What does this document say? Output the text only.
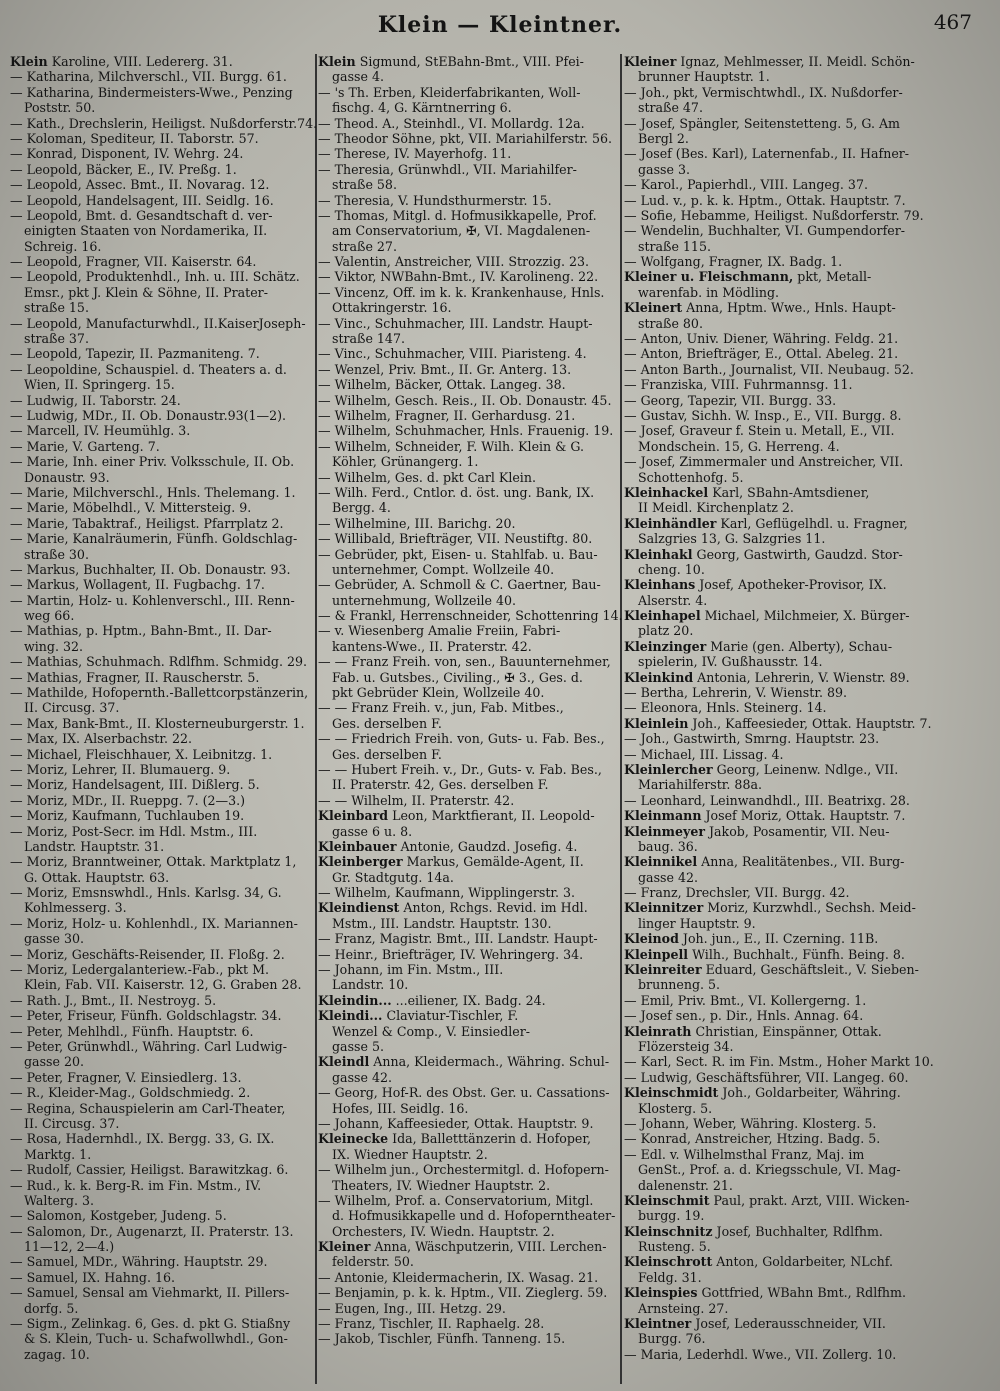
Klein — Kleintner.	467
Klein Karoline, VIII. Ledererg. 31.
— Katharina, Milchverschl., VII. Burgg. 61.
— Katharina, Bindermeisters-Wwe., Penzing
Poststr. 50.
— Kath., Drechslerin, Heiligst. Nußdorferstr.74.
— Koloman, Spediteur, II. Taborstr. 57.
— Konrad, Disponent, IV. Wehrg. 24.
— Leopold, Bäcker, E., IV. Preßg. 1.
— Leopold, Assec. Bmt., II. Novarag. 12.
— Leopold, Handelsagent, III. Seidlg. 16.
— Leopold, Bmt. d. Gesandtschaft d. ver-
einigten Staaten von Nordamerika, II.
Schreig. 16.
— Leopold, Fragner, VII. Kaiserstr. 64.
— Leopold, Produktenhdl., Inh. u. III. Schätz.
Emsr., pkt J. Klein & Söhne, II. Prater-
straße 15.
— Leopold, Manufacturwhdl., II.KaiserJoseph-
straße 37.
— Leopold, Tapezir, II. Pazmaniteng. 7.
— Leopoldine, Schauspiel. d. Theaters a. d.
Wien, II. Springerg. 15.
— Ludwig, II. Taborstr. 24.
— Ludwig, MDr., II. Ob. Donaustr.93(1—2).
— Marcell, IV. Heumühlg. 3.
— Marie, V. Garteng. 7.
— Marie, Inh. einer Priv. Volksschule, II. Ob.
Donaustr. 93.
— Marie, Milchverschl., Hnls. Thelemang. 1.
— Marie, Möbelhdl., V. Mittersteig. 9.
— Marie, Tabaktraf., Heiligst. Pfarrplatz 2.
— Marie, Kanalräumerin, Fünfh. Goldschlag-
straße 30.
— Markus, Buchhalter, II. Ob. Donaustr. 93.
— Markus, Wollagent, II. Fugbachg. 17.
— Martin, Holz- u. Kohlenverschl., III. Renn-
weg 66.
— Mathias, p. Hptm., Bahn-Bmt., II. Dar-
wing. 32.
— Mathias, Schuhmach. Rdlfhm. Schmidg. 29.
— Mathias, Fragner, II. Rauscherstr. 5.
— Mathilde, Hofopernth.-Ballettcorpstänzerin,
II. Circusg. 37.
— Max, Bank-Bmt., II. Klosterneuburgerstr. 1.
— Max, IX. Alserbachstr. 22.
— Michael, Fleischhauer, X. Leibnitzg. 1.
— Moriz, Lehrer, II. Blumauerg. 9.
— Moriz, Handelsagent, III. Dißlerg. 5.
— Moriz, MDr., II. Rueppg. 7. (2—3.)
— Moriz, Kaufmann, Tuchlauben 19.
— Moriz, Post-Secr. im Hdl. Mstm., III.
Landstr. Hauptstr. 31.
— Moriz, Branntweiner, Ottak. Marktplatz 1,
G. Ottak. Hauptstr. 63.
— Moriz, Emsnswhdl., Hnls. Karlsg. 34, G.
Kohlmesserg. 3.
— Moriz, Holz- u. Kohlenhdl., IX. Mariannen-
gasse 30.
— Moriz, Geschäfts-Reisender, II. Floßg. 2.
— Moriz, Ledergalanteriew.-Fab., pkt M.
Klein, Fab. VII. Kaiserstr. 12, G. Graben 28.
— Rath. J., Bmt., II. Nestroyg. 5.
— Peter, Friseur, Fünfh. Goldschlagstr. 34.
— Peter, Mehlhdl., Fünfh. Hauptstr. 6.
— Peter, Grünwhdl., Währing. Carl Ludwig-
gasse 20.
— Peter, Fragner, V. Einsiedlerg. 13.
— R., Kleider-Mag., Goldschmiedg. 2.
— Regina, Schauspielerin am Carl-Theater,
II. Circusg. 37.
— Rosa, Hadernhdl., IX. Bergg. 33, G. IX.
Marktg. 1.
— Rudolf, Cassier, Heiligst. Barawitzkag. 6.
— Rud., k. k. Berg-R. im Fin. Mstm., IV.
Walterg. 3.
— Salomon, Kostgeber, Judeng. 5.
— Salomon, Dr., Augenarzt, II. Praterstr. 13.
11—12, 2—4.)
— Samuel, MDr., Währing. Hauptstr. 29.
— Samuel, IX. Hahng. 16.
— Samuel, Sensal am Viehmarkt, II. Pillers-
dorfg. 5.
— Sigm., Zelinkag. 6, Ges. d. pkt G. Stiaßny
& S. Klein, Tuch- u. Schafwollwhdl., Gon-
zagag. 10.
Klein Sigmund, StEBahn-Bmt., VIII. Pfei-
gasse 4.
— 's Th. Erben, Kleiderfabrikanten, Woll-
fischg. 4, G. Kärntnerring 6.
— Theod. A., Steinhdl., VI. Mollardg. 12a.
— Theodor Söhne, pkt, VII. Mariahilferstr. 56.
— Therese, IV. Mayerhofg. 11.
— Theresia, Grünwhdl., VII. Mariahilfer-
straße 58.
— Theresia, V. Hundsthurmerstr. 15.
— Thomas, Mitgl. d. Hofmusikkapelle, Prof.
am Conservatorium, ✠, VI. Magdalenen-
straße 27.
— Valentin, Anstreicher, VIII. Strozzig. 23.
— Viktor, NWBahn-Bmt., IV. Karolineng. 22.
— Vincenz, Off. im k. k. Krankenhause, Hnls.
Ottakringerstr. 16.
— Vinc., Schuhmacher, III. Landstr. Haupt-
straße 147.
— Vinc., Schuhmacher, VIII. Piaristeng. 4.
— Wenzel, Priv. Bmt., II. Gr. Anterg. 13.
— Wilhelm, Bäcker, Ottak. Langeg. 38.
— Wilhelm, Gesch. Reis., II. Ob. Donaustr. 45.
— Wilhelm, Fragner, II. Gerhardusg. 21.
— Wilhelm, Schuhmacher, Hnls. Frauenig. 19.
— Wilhelm, Schneider, F. Wilh. Klein & G.
Köhler, Grünangerg. 1.
— Wilhelm, Ges. d. pkt Carl Klein.
— Wilh. Ferd., Cntlor. d. öst. ung. Bank, IX.
Bergg. 4.
— Wilhelmine, III. Barichg. 20.
— Willibald, Briefträger, VII. Neustiftg. 80.
— Gebrüder, pkt, Eisen- u. Stahlfab. u. Bau-
unternehmer, Compt. Wollzeile 40.
— Gebrüder, A. Schmoll & C. Gaertner, Bau-
unternehmung, Wollzeile 40.
— & Frankl, Herrenschneider, Schottenring 14.
— v. Wiesenberg Amalie Freiin, Fabri-
kantens-Wwe., II. Praterstr. 42.
— — Franz Freih. von, sen., Bauunternehmer,
Fab. u. Gutsbes., Civiling., ✠ 3., Ges. d.
pkt Gebrüder Klein, Wollzeile 40.
— — Franz Freih. v., jun, Fab. Mitbes.,
Ges. derselben F.
— — Friedrich Freih. von, Guts- u. Fab. Bes.,
Ges. derselben F.
— — Hubert Freih. v., Dr., Guts- v. Fab. Bes.,
II. Praterstr. 42, Ges. derselben F.
— — Wilhelm, II. Praterstr. 42.
Kleinbard Leon, Marktfierant, II. Leopold-
gasse 6 u. 8.
Kleinbauer Antonie, Gaudzd. Josefig. 4.
Kleinberger Markus, Gemälde-Agent, II.
Gr. Stadtgutg. 14a.
— Wilhelm, Kaufmann, Wipplingerstr. 3.
Kleindienst Anton, Rchgs. Revid. im Hdl.
Mstm., III. Landstr. Hauptstr. 130.
— Franz, Magistr. Bmt., III. Landstr. Haupt-
— Heinr., Briefträger, IV. Wehringerg. 34.
— Johann, im Fin. Mstm., III.
Landstr. 10.
Kleindin... ...eiliener, IX. Badg. 24.
Kleindi... Claviatur-Tischler, F.
Wenzel & Comp., V. Einsiedler-
gasse 5.
Kleindl Anna, Kleidermach., Währing. Schul-
gasse 42.
— Georg, Hof-R. des Obst. Ger. u. Cassations-
Hofes, III. Seidlg. 16.
— Johann, Kaffeesieder, Ottak. Hauptstr. 9.
Kleinecke Ida, Balletttänzerin d. Hofoper,
IX. Wiedner Hauptstr. 2.
— Wilhelm jun., Orchestermitgl. d. Hofopern-
Theaters, IV. Wiedner Hauptstr. 2.
— Wilhelm, Prof. a. Conservatorium, Mitgl.
d. Hofmusikkapelle und d. Hofoperntheater-
Orchesters, IV. Wiedn. Hauptstr. 2.
Kleiner Anna, Wäschputzerin, VIII. Lerchen-
felderstr. 50.
— Antonie, Kleidermacherin, IX. Wasag. 21.
— Benjamin, p. k. k. Hptm., VII. Zieglerg. 59.
— Eugen, Ing., III. Hetzg. 29.
— Franz, Tischler, II. Raphaelg. 28.
— Jakob, Tischler, Fünfh. Tanneng. 15.
Kleiner Ignaz, Mehlmesser, II. Meidl. Schön-
brunner Hauptstr. 1.
— Joh., pkt, Vermischtwhdl., IX. Nußdorfer-
straße 47.
— Josef, Spängler, Seitenstetteng. 5, G. Am
Bergl 2.
— Josef (Bes. Karl), Laternenfab., II. Hafner-
gasse 3.
— Karol., Papierhdl., VIII. Langeg. 37.
— Lud. v., p. k. k. Hptm., Ottak. Hauptstr. 7.
— Sofie, Hebamme, Heiligst. Nußdorferstr. 79.
— Wendelin, Buchhalter, VI. Gumpendorfer-
straße 115.
— Wolfgang, Fragner, IX. Badg. 1.
Kleiner u. Fleischmann, pkt, Metall-
warenfab. in Mödling.
Kleinert Anna, Hptm. Wwe., Hnls. Haupt-
straße 80.
— Anton, Univ. Diener, Währing. Feldg. 21.
— Anton, Briefträger, E., Ottal. Abeleg. 21.
— Anton Barth., Journalist, VII. Neubaug. 52.
— Franziska, VIII. Fuhrmannsg. 11.
— Georg, Tapezir, VII. Burgg. 33.
— Gustav, Sichh. W. Insp., E., VII. Burgg. 8.
— Josef, Graveur f. Stein u. Metall, E., VII.
Mondschein. 15, G. Herreng. 4.
— Josef, Zimmermaler und Anstreicher, VII.
Schottenhofg. 5.
Kleinhackel Karl, SBahn-Amtsdiener,
II Meidl. Kirchenplatz 2.
Kleinhändler Karl, Geflügelhdl. u. Fragner,
Salzgries 13, G. Salzgries 11.
Kleinhakl Georg, Gastwirth, Gaudzd. Stor-
cheng. 10.
Kleinhans Josef, Apotheker-Provisor, IX.
Alserstr. 4.
Kleinhapel Michael, Milchmeier, X. Bürger-
platz 20.
Kleinzinger Marie (gen. Alberty), Schau-
spielerin, IV. Gußhausstr. 14.
Kleinkind Antonia, Lehrerin, V. Wienstr. 89.
— Bertha, Lehrerin, V. Wienstr. 89.
— Eleonora, Hnls. Steinerg. 14.
Kleinlein Joh., Kaffeesieder, Ottak. Hauptstr. 7.
— Joh., Gastwirth, Smrng. Hauptstr. 23.
— Michael, III. Lissag. 4.
Kleinlercher Georg, Leinenw. Ndlge., VII.
Mariahilferstr. 88a.
— Leonhard, Leinwandhdl., III. Beatrixg. 28.
Kleinmann Josef Moriz, Ottak. Hauptstr. 7.
Kleinmeyer Jakob, Posamentir, VII. Neu-
baug. 36.
Kleinnikel Anna, Realitätenbes., VII. Burg-
gasse 42.
— Franz, Drechsler, VII. Burgg. 42.
Kleinnitzer Moriz, Kurzwhdl., Sechsh. Meid-
linger Hauptstr. 9.
Kleinod Joh. jun., E., II. Czerning. 11B.
Kleinpell Wilh., Buchhalt., Fünfh. Being. 8.
Kleinreiter Eduard, Geschäftsleit., V. Sieben-
brunneng. 5.
— Emil, Priv. Bmt., VI. Kollergerng. 1.
— Josef sen., p. Dir., Hnls. Annag. 64.
Kleinrath Christian, Einspänner, Ottak.
Flözersteig 34.
— Karl, Sect. R. im Fin. Mstm., Hoher Markt 10.
— Ludwig, Geschäftsführer, VII. Langeg. 60.
Kleinschmidt Joh., Goldarbeiter, Währing.
Klosterg. 5.
— Johann, Weber, Währing. Klosterg. 5.
— Konrad, Anstreicher, Htzing. Badg. 5.
— Edl. v. Wilhelmsthal Franz, Maj. im
GenSt., Prof. a. d. Kriegsschule, VI. Mag-
dalenenstr. 21.
Kleinschmit Paul, prakt. Arzt, VIII. Wicken-
burgg. 19.
Kleinschnitz Josef, Buchhalter, Rdlfhm.
Rusteng. 5.
Kleinschrott Anton, Goldarbeiter, NLchf.
Feldg. 31.
Kleinspies Gottfried, WBahn Bmt., Rdlfhm.
Arnsteing. 27.
Kleintner Josef, Lederausschneider, VII.
Burgg. 76.
— Maria, Lederhdl. Wwe., VII. Zollerg. 10.
